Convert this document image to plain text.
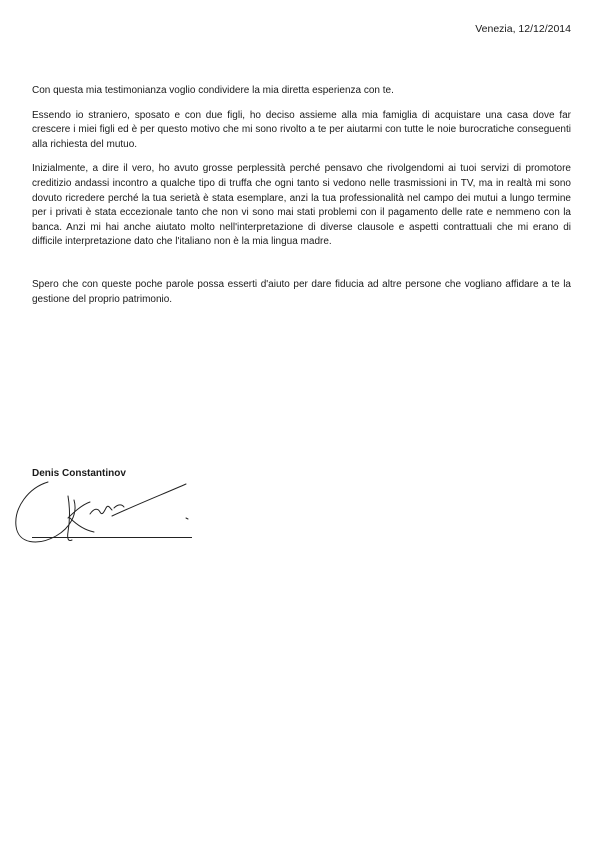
Venezia, 12/12/2014

Con questa mia testimonianza voglio condividere la mia diretta esperienza con te.

Essendo io straniero, sposato e con due figli, ho deciso assieme alla mia famiglia di acquistare una casa dove far crescere i miei figli ed è per questo motivo che mi sono rivolto a te per aiutarmi con tutte le noie burocratiche conseguenti alla richiesta del mutuo.

Inizialmente, a dire il vero, ho avuto grosse perplessità perché pensavo che rivolgendomi ai tuoi servizi di promotore creditizio andassi incontro a qualche tipo di truffa che ogni tanto si vedono nelle trasmissioni in TV, ma in realtà mi sono dovuto ricredere perché la tua serietà è stata esemplare, anzi la tua professionalità nel campo dei mutui a lungo termine per i privati è stata eccezionale tanto che non vi sono mai stati problemi con il pagamento delle rate e nemmeno con la banca. Anzi mi hai anche aiutato molto nell'interpretazione di diverse clausole e aspetti contrattuali che mi erano di difficile interpretazione dato che l'italiano non è la mia lingua madre.

Spero che con queste poche parole possa esserti d'aiuto per dare fiducia ad altre persone che vogliano affidare a te la gestione del proprio patrimonio.

Denis Constantinov
